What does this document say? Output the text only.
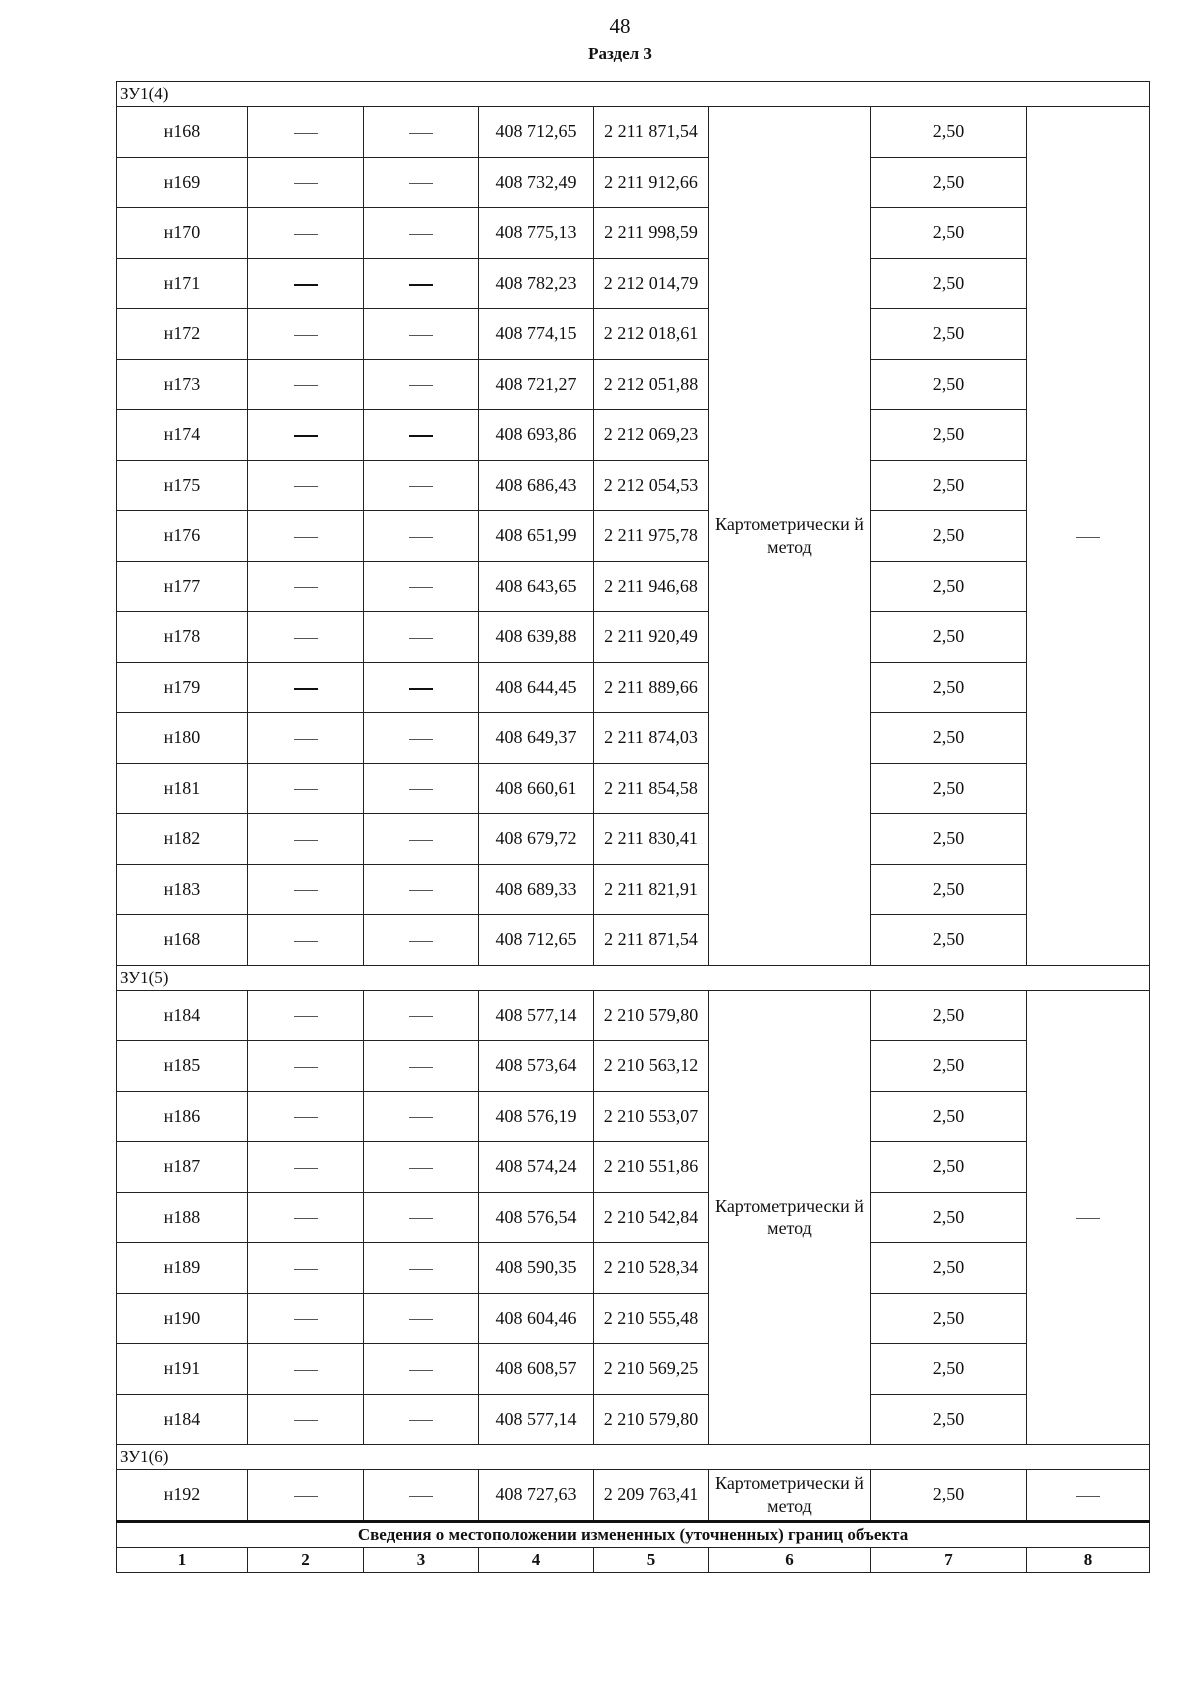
48
Раздел 3
ЗУ1(4)							
н168			408 712,65	2 211 871,54	Картометрически й метод	2,50	
н169			408 732,49	2 211 912,66		2,50	
н170			408 775,13	2 211 998,59		2,50	
н171			408 782,23	2 212 014,79		2,50	
н172			408 774,15	2 212 018,61		2,50	
н173			408 721,27	2 212 051,88		2,50	
н174			408 693,86	2 212 069,23		2,50	
н175			408 686,43	2 212 054,53		2,50	
н176			408 651,99	2 211 975,78		2,50	
н177			408 643,65	2 211 946,68		2,50	
н178			408 639,88	2 211 920,49		2,50	
н179			408 644,45	2 211 889,66		2,50	
н180			408 649,37	2 211 874,03		2,50	
н181			408 660,61	2 211 854,58		2,50	
н182			408 679,72	2 211 830,41		2,50	
н183			408 689,33	2 211 821,91		2,50	
н168			408 712,65	2 211 871,54		2,50	
ЗУ1(5)							
н184			408 577,14	2 210 579,80	Картометрически й метод	2,50	
н185			408 573,64	2 210 563,12		2,50	
н186			408 576,19	2 210 553,07		2,50	
н187			408 574,24	2 210 551,86		2,50	
н188			408 576,54	2 210 542,84		2,50	
н189			408 590,35	2 210 528,34		2,50	
н190			408 604,46	2 210 555,48		2,50	
н191			408 608,57	2 210 569,25		2,50	
н184			408 577,14	2 210 579,80		2,50	
ЗУ1(6)							
н192			408 727,63	2 209 763,41	Картометрически й метод	2,50	
Сведения о местоположении измененных (уточненных) границ объекта							
1	2	3	4	5	6	7	8
